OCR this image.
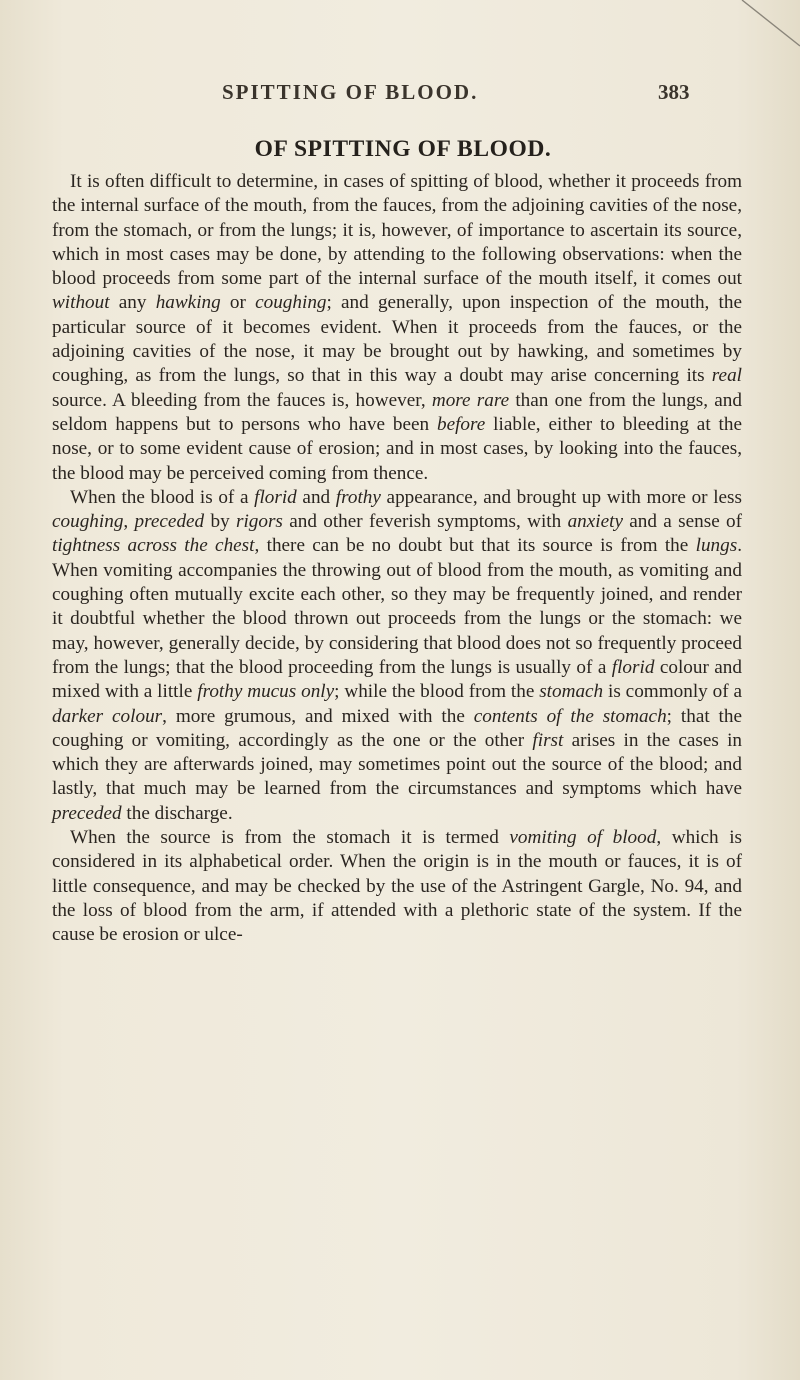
SPITTING OF BLOOD.	383
OF SPITTING OF BLOOD.

It is often difficult to determine, in cases of spitting of blood, whether it proceeds from the internal surface of the mouth, from the fauces, from the adjoining cavities of the nose, from the stomach, or from the lungs; it is, however, of importance to ascertain its source, which in most cases may be done, by attending to the following observations: when the blood proceeds from some part of the internal surface of the mouth itself, it comes out without any hawking or coughing; and generally, upon inspection of the mouth, the particular source of it becomes evident. When it proceeds from the fauces, or the adjoining cavities of the nose, it may be brought out by hawking, and sometimes by coughing, as from the lungs, so that in this way a doubt may arise concerning its real source. A bleeding from the fauces is, however, more rare than one from the lungs, and seldom happens but to persons who have been before liable, either to bleeding at the nose, or to some evident cause of erosion; and in most cases, by looking into the fauces, the blood may be perceived coming from thence.

When the blood is of a florid and frothy appearance, and brought up with more or less coughing, preceded by rigors and other feverish symptoms, with anxiety and a sense of tightness across the chest, there can be no doubt but that its source is from the lungs. When vomiting accompanies the throwing out of blood from the mouth, as vomiting and coughing often mutually excite each other, so they may be frequently joined, and render it doubtful whether the blood thrown out proceeds from the lungs or the stomach: we may, however, generally decide, by considering that blood does not so frequently proceed from the lungs; that the blood proceeding from the lungs is usually of a florid colour and mixed with a little frothy mucus only; while the blood from the stomach is commonly of a darker colour, more grumous, and mixed with the contents of the stomach; that the coughing or vomiting, accordingly as the one or the other first arises in the cases in which they are afterwards joined, may sometimes point out the source of the blood; and lastly, that much may be learned from the circumstances and symptoms which have preceded the discharge.

When the source is from the stomach it is termed vomiting of blood, which is considered in its alphabetical order. When the origin is in the mouth or fauces, it is of little consequence, and may be checked by the use of the Astringent Gargle, No. 94, and the loss of blood from the arm, if attended with a plethoric state of the system. If the cause be erosion or ulce-
